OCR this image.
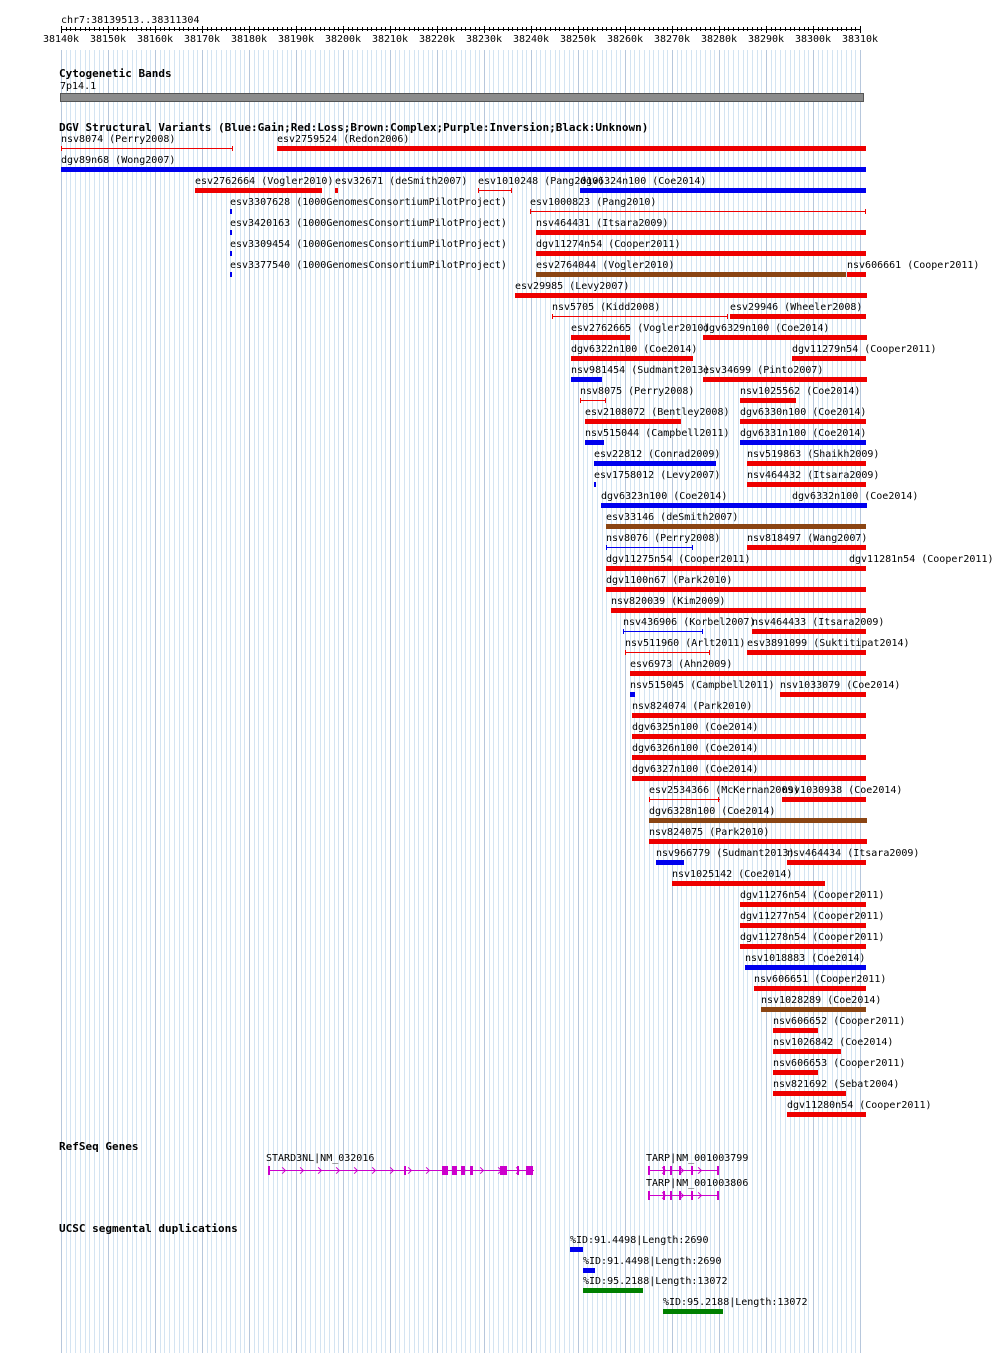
chr7:38139513..38311304
38140k 38150k 38160k 38170k 38180k 38190k 38200k 38210k 38220k 38230k 38240k 38250k 38260k 38270k 38280k 38290k 38300k 38310k
Cytogenetic Bands
7p14.1
DGV Structural Variants (Blue:Gain;Red:Loss;Brown:Complex;Purple:Inversion;Black:Unknown)
nsv8074 (Perry2008)	esv2759524 (Redon2006)
dgv89n68 (Wong2007)
esv2762664 (Vogler2010) esv32671 (deSmith2007) esv1010248 (Pang2010)
dgv6324n100 (Coe2014)
esv3307628 (1000GenomesConsortiumPilotProject) esv1000823 (Pang2010)
esv3420163 (1000GenomesConsortiumPilotProject)	nsv464431 (Itsara2009)
esv3309454 (1000GenomesConsortiumPilotProject)	dgv11274n54 (Cooper2011)
esv3377540 (1000GenomesConsortiumPilotProject)	esv2764044 (Vogler2010)	nsv606661 (Cooper2011)
esv29985 (Levy2007)
nsv5705 (Kidd2008)	esv29946 (Wheeler2008)
esv2762665 (Vogler2010)
dgv6329n100 (Coe2014)
dgv6322n100 (Coe2014)	dgv11279n54 (Cooper2011)
nsv981454 (Sudmant2013)
esv34699 (Pinto2007)
nsv8075 (Perry2008)	nsv1025562 (Coe2014)
esv2108072 (Bentley2008) dgv6330n100 (Coe2014)
nsv515044 (Campbell2011) dgv6331n100 (Coe2014)
esv22812 (Conrad2009)	nsv519863 (Shaikh2009)
esv1758012 (Levy2007)	nsv464432 (Itsara2009)
dgv6323n100 (Coe2014)	dgv6332n100 (Coe2014)
esv33146 (deSmith2007)
nsv8076 (Perry2008)	nsv818497 (Wang2007)
dgv11275n54 (Cooper2011)	dgv11281n54 (Cooper2011)
dgv1100n67 (Park2010)
nsv820039 (Kim2009)
nsv436906 (Korbel2007)
nsv464433 (Itsara2009)
nsv511960 (Arlt2011) esv3891099 (Suktitipat2014)
esv6973 (Ahn2009)
nsv515045 (Campbell2011) nsv1033079 (Coe2014)
nsv824074 (Park2010)
dgv6325n100 (Coe2014)
dgv6326n100 (Coe2014)
dgv6327n100 (Coe2014)
esv2534366 (McKernan2009)
nsv1030938 (Coe2014)
dgv6328n100 (Coe2014)
nsv824075 (Park2010)
nsv966779 (Sudmant2013)
nsv464434 (Itsara2009)
nsv1025142 (Coe2014)
dgv11276n54 (Cooper2011)
dgv11277n54 (Cooper2011)
dgv11278n54 (Cooper2011)
nsv1018883 (Coe2014)
nsv606651 (Cooper2011)
nsv1028289 (Coe2014)
nsv606652 (Cooper2011)
nsv1026842 (Coe2014)
nsv606653 (Cooper2011)
nsv821692 (Sebat2004)
dgv11280n54 (Cooper2011)
RefSeq Genes
STARD3NL|NM_032016	TARP|NM_001003799
TARP|NM_001003806
UCSC segmental duplications
%ID:91.4498|Length:2690
%ID:91.4498|Length:2690
%ID:95.2188|Length:13072
%ID:95.2188|Length:13072
